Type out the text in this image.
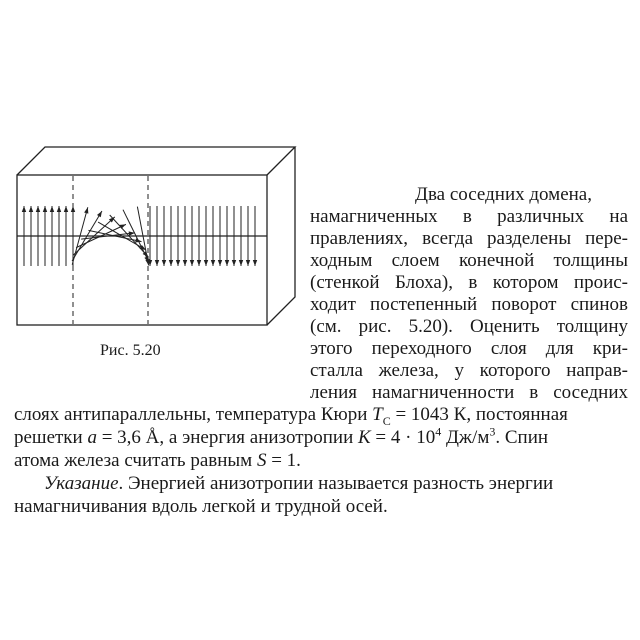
Рис. 5.20
Два соседних домена,
намагниченных в различных на
правлениях, всегда разделены пере-
ходным слоем конечной толщины
(стенкой Блоха), в котором проис-
ходит постепенный поворот спинов
(см. рис. 5.20). Оценить толщину
этого переходного слоя для кри-
сталла железа, у которого направ-
ления намагниченности в соседних
слоях антипараллельны, температура Кюри $T_C = 1043$ К, постоянная
решетки a = 3,6 Å, а энергия анизотропии $K = 4 \cdot 10^4$ $Дж/м^3$. Спин
атома железа считать равным S = 1.
Указание. Энергией анизотропии называется разность энергии
намагничивания вдоль легкой и трудной осей.
